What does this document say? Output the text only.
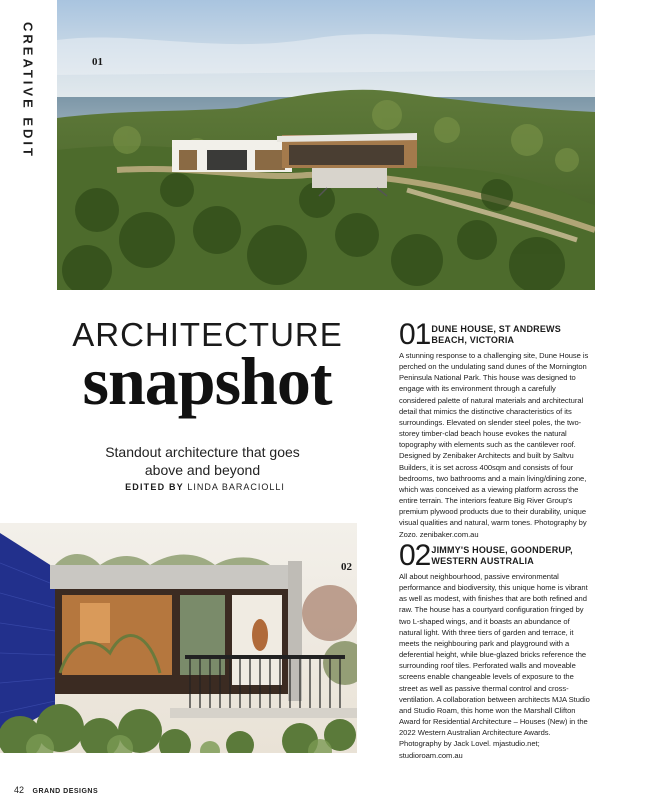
CREATIVE EDIT	01
ARCHITECTURE
snapshot
Standout architecture that goes above and beyond
EDITED BY LINDA BARACIOLLI
02
01 DUNE HOUSE, ST ANDREWS BEACH, VICTORIA
A stunning response to a challenging site, Dune House is perched on the undulating sand dunes of the Mornington Peninsula National Park. This house was designed to engage with its environment through a carefully considered palette of natural materials and architectural detail that mimics the distinctive characteristics of its surroundings. Elevated on slender steel poles, the two-storey timber-clad beach house evokes the natural topography with elements such as the cantilever roof. Designed by Zenibaker Architects and built by Saltvu Builders, it is set across 400sqm and consists of four bedrooms, two bathrooms and a main living/dining zone, which was conceived as a viewing platform across the entire terrain. The interiors feature Big River Group's premium plywood products due to their durability, unique visual qualities and natural, warm tones. Photography by Zozo. zenibaker.com.au
02 JIMMY'S HOUSE, GOONDERUP, WESTERN AUSTRALIA
All about neighbourhood, passive environmental performance and biodiversity, this unique home is vibrant as well as modest, with finishes that are both refined and raw. The house has a courtyard configuration fringed by two L-shaped wings, and it boasts an abundance of natural light. With three tiers of garden and terrace, it meets the neighbouring park and playground with a deferential height, while blue-glazed bricks reference the surrounding roof tiles. Perforated walls and moveable screens enable changeable levels of exposure to the street as well as passive thermal control and cross-ventilation. A collaboration between architects MJA Studio and Studio Roam, this home won the Marshall Clifton Award for Residential Architecture – Houses (New) in the 2022 Western Australian Architecture Awards. Photography by Jack Lovel. mjastudio.net; studioroam.com.au
42 GRAND DESIGNS
